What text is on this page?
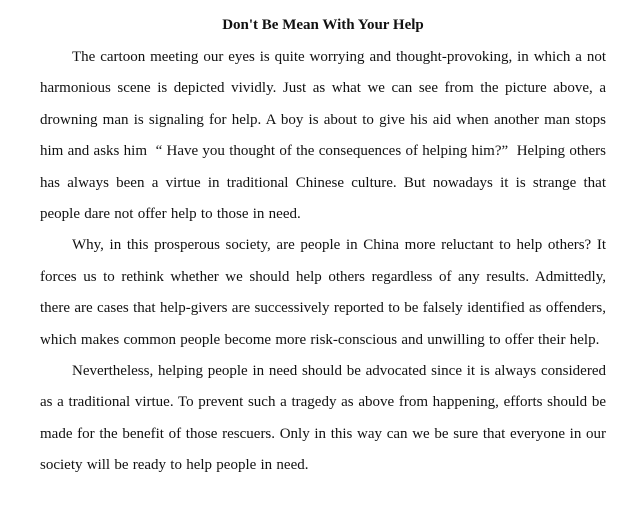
Don't Be Mean With Your Help

The cartoon meeting our eyes is quite worrying and thought-provoking, in which a not harmonious scene is depicted vividly. Just as what we can see from the picture above, a drowning man is signaling for help. A boy is about to give his aid when another man stops him and asks him  “ Have you thought of the consequences of helping him?”  Helping others has always been a virtue in traditional Chinese culture. But nowadays it is strange that people dare not offer help to those in need.

Why, in this prosperous society, are people in China more reluctant to help others? It forces us to rethink whether we should help others regardless of any results. Admittedly, there are cases that help-givers are successively reported to be falsely identified as offenders, which makes common people become more risk-conscious and unwilling to offer their help.

Nevertheless, helping people in need should be advocated since it is always considered as a traditional virtue. To prevent such a tragedy as above from happening, efforts should be made for the benefit of those rescuers. Only in this way can we be sure that everyone in our society will be ready to help people in need.
